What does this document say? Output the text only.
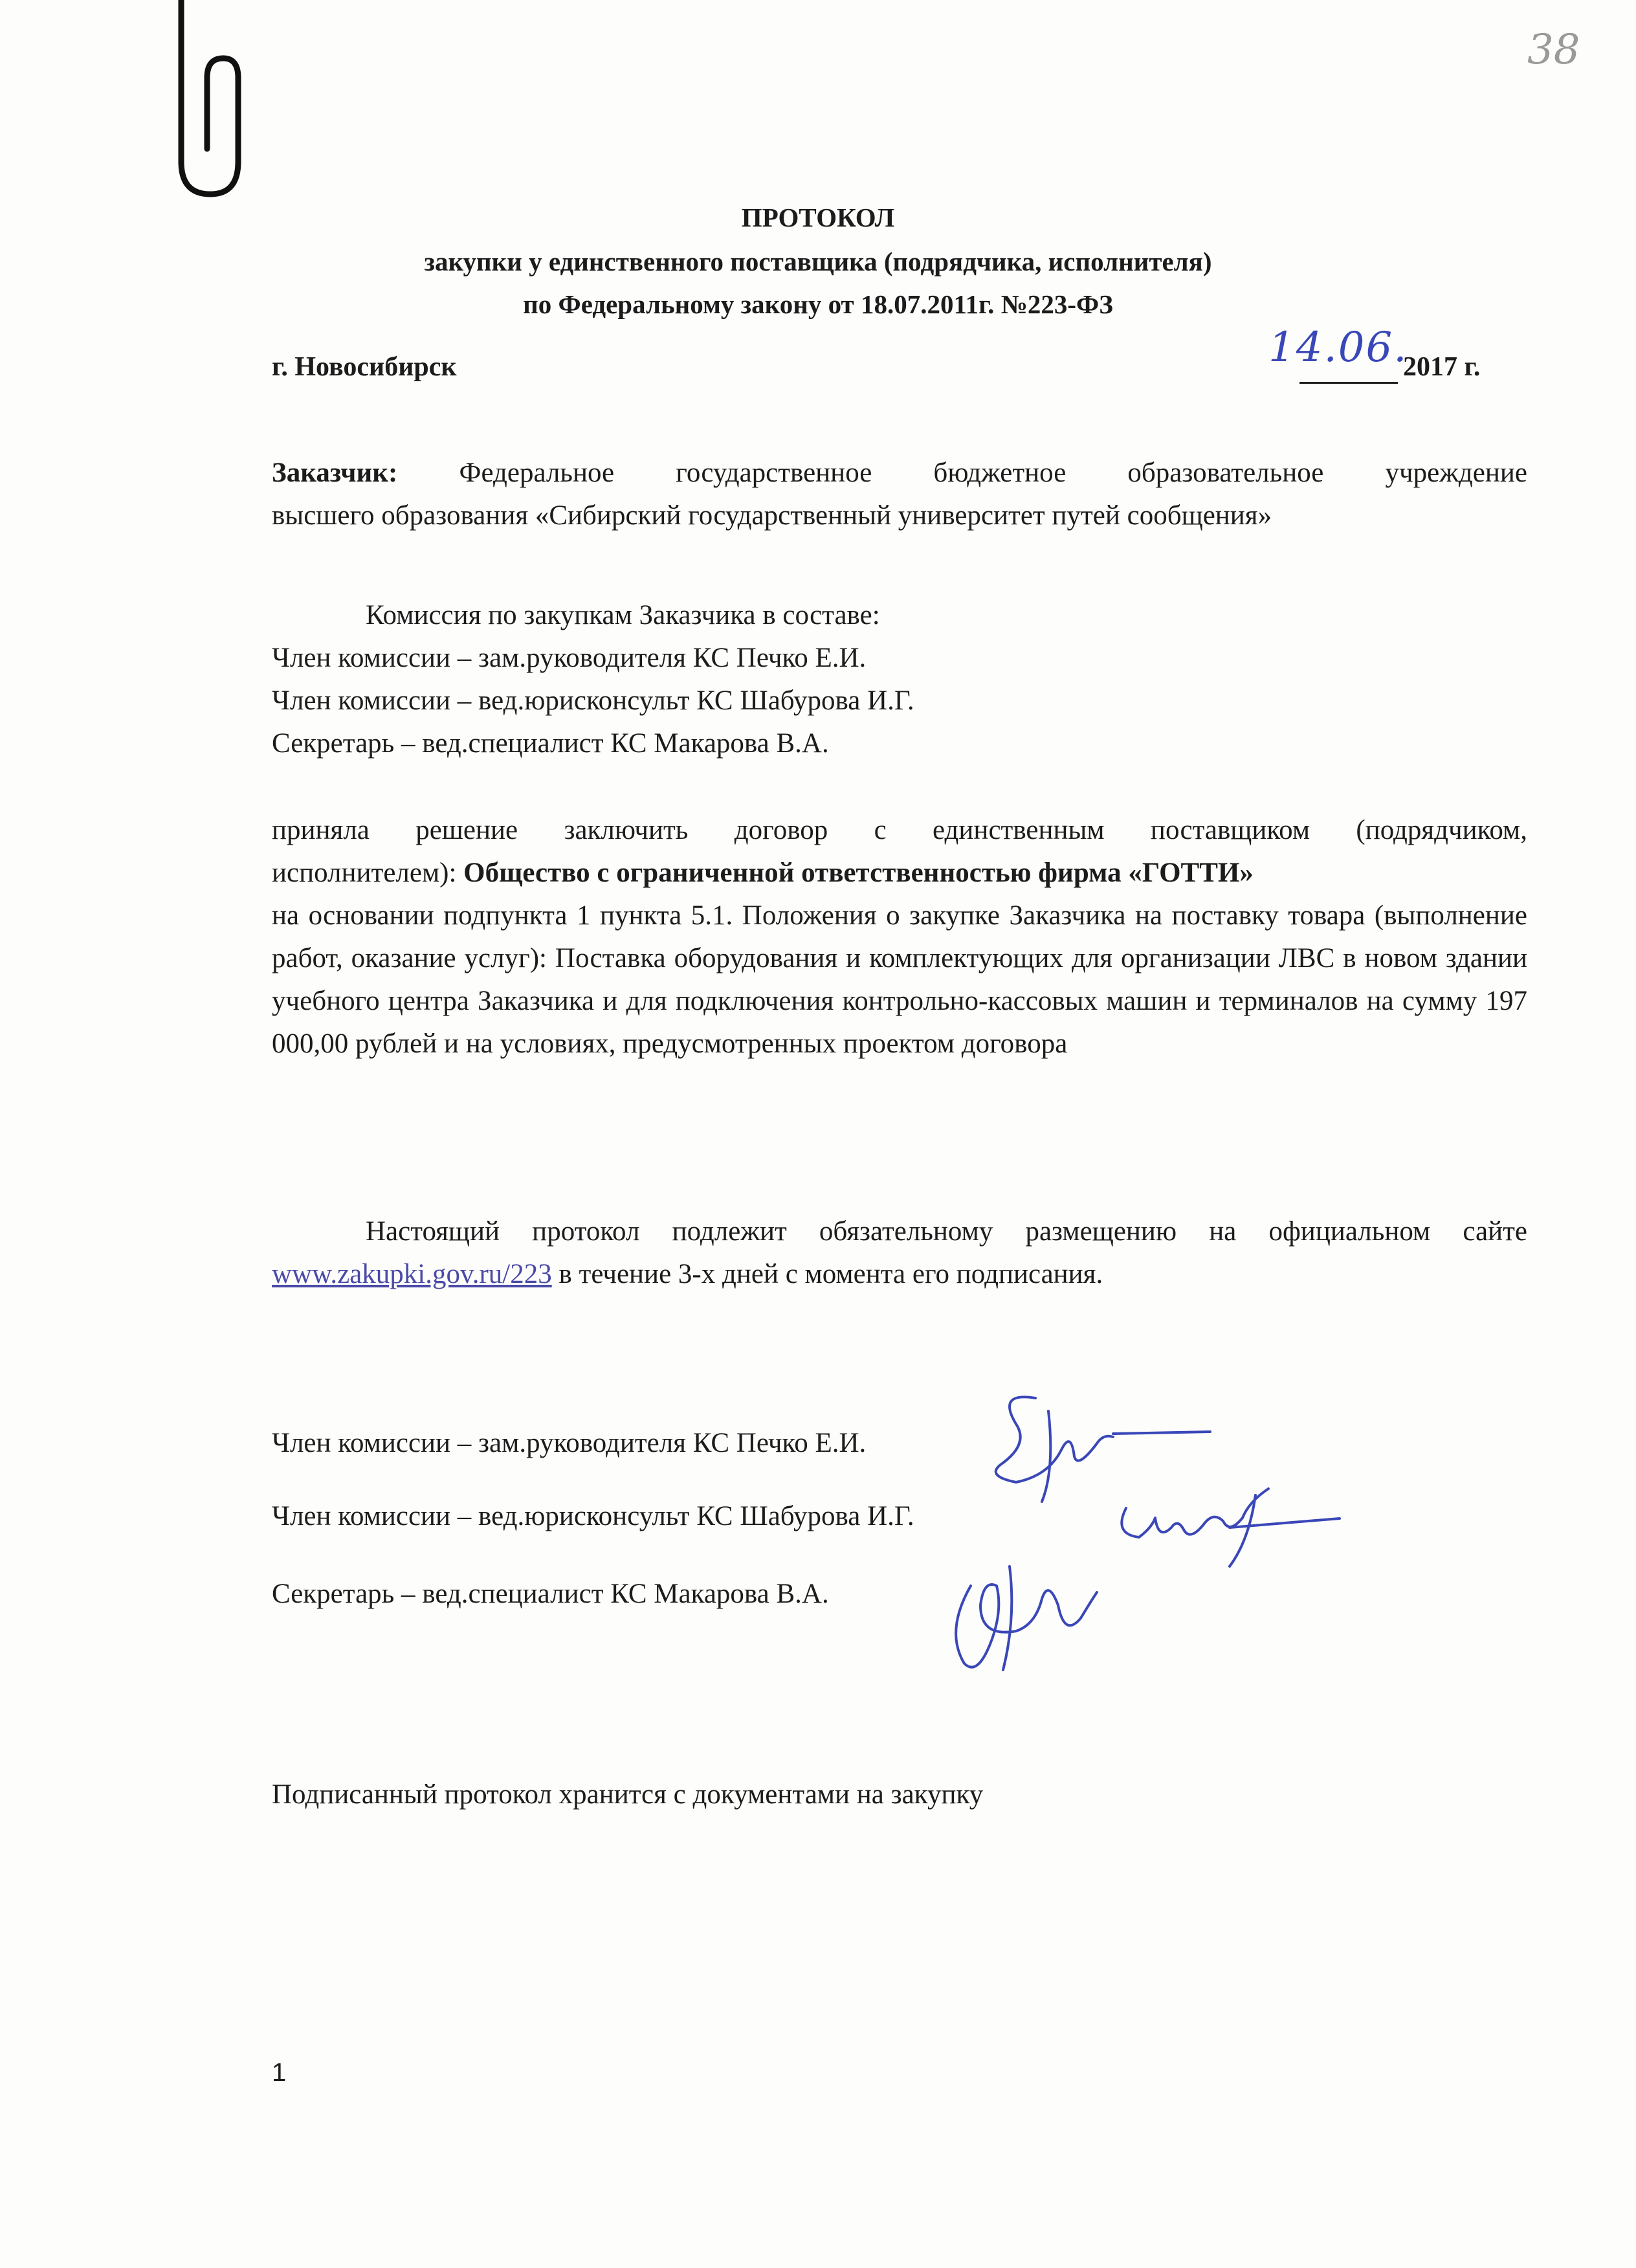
38
ПРОТОКОЛ
закупки у единственного поставщика (подрядчика, исполнителя)
по Федеральному закону от 18.07.2011г. №223-ФЗ
г. Новосибирск	14.06.
2017 г.
Заказчик: Федеральное государственное бюджетное образовательное учреждение
высшего образования «Сибирский государственный университет путей сообщения»
Комиссия по закупкам Заказчика в составе:
Член комиссии – зам.руководителя КС Печко Е.И.
Член комиссии – вед.юрисконсульт КС Шабурова И.Г.
Секретарь – вед.специалист КС Макарова В.А.
приняла решение заключить договор с единственным поставщиком (подрядчиком,
исполнителем): Общество с ограниченной ответственностью фирма «ГОТТИ»
на основании подпункта 1 пункта 5.1. Положения о закупке Заказчика на поставку товара (выполнение работ, оказание услуг): Поставка оборудования и комплектующих для организации ЛВС в новом здании учебного центра Заказчика и для подключения контрольно-кассовых машин и терминалов на сумму 197 000,00 рублей и на условиях, предусмотренных проектом договора
Настоящий протокол подлежит обязательному размещению на официальном сайте
www.zakupki.gov.ru/223 в течение 3-х дней с момента его подписания.
Член комиссии – зам.руководителя КС Печко Е.И.
Член комиссии – вед.юрисконсульт КС Шабурова И.Г.
Секретарь – вед.специалист КС Макарова В.А.
Подписанный протокол хранится с документами на закупку
1
